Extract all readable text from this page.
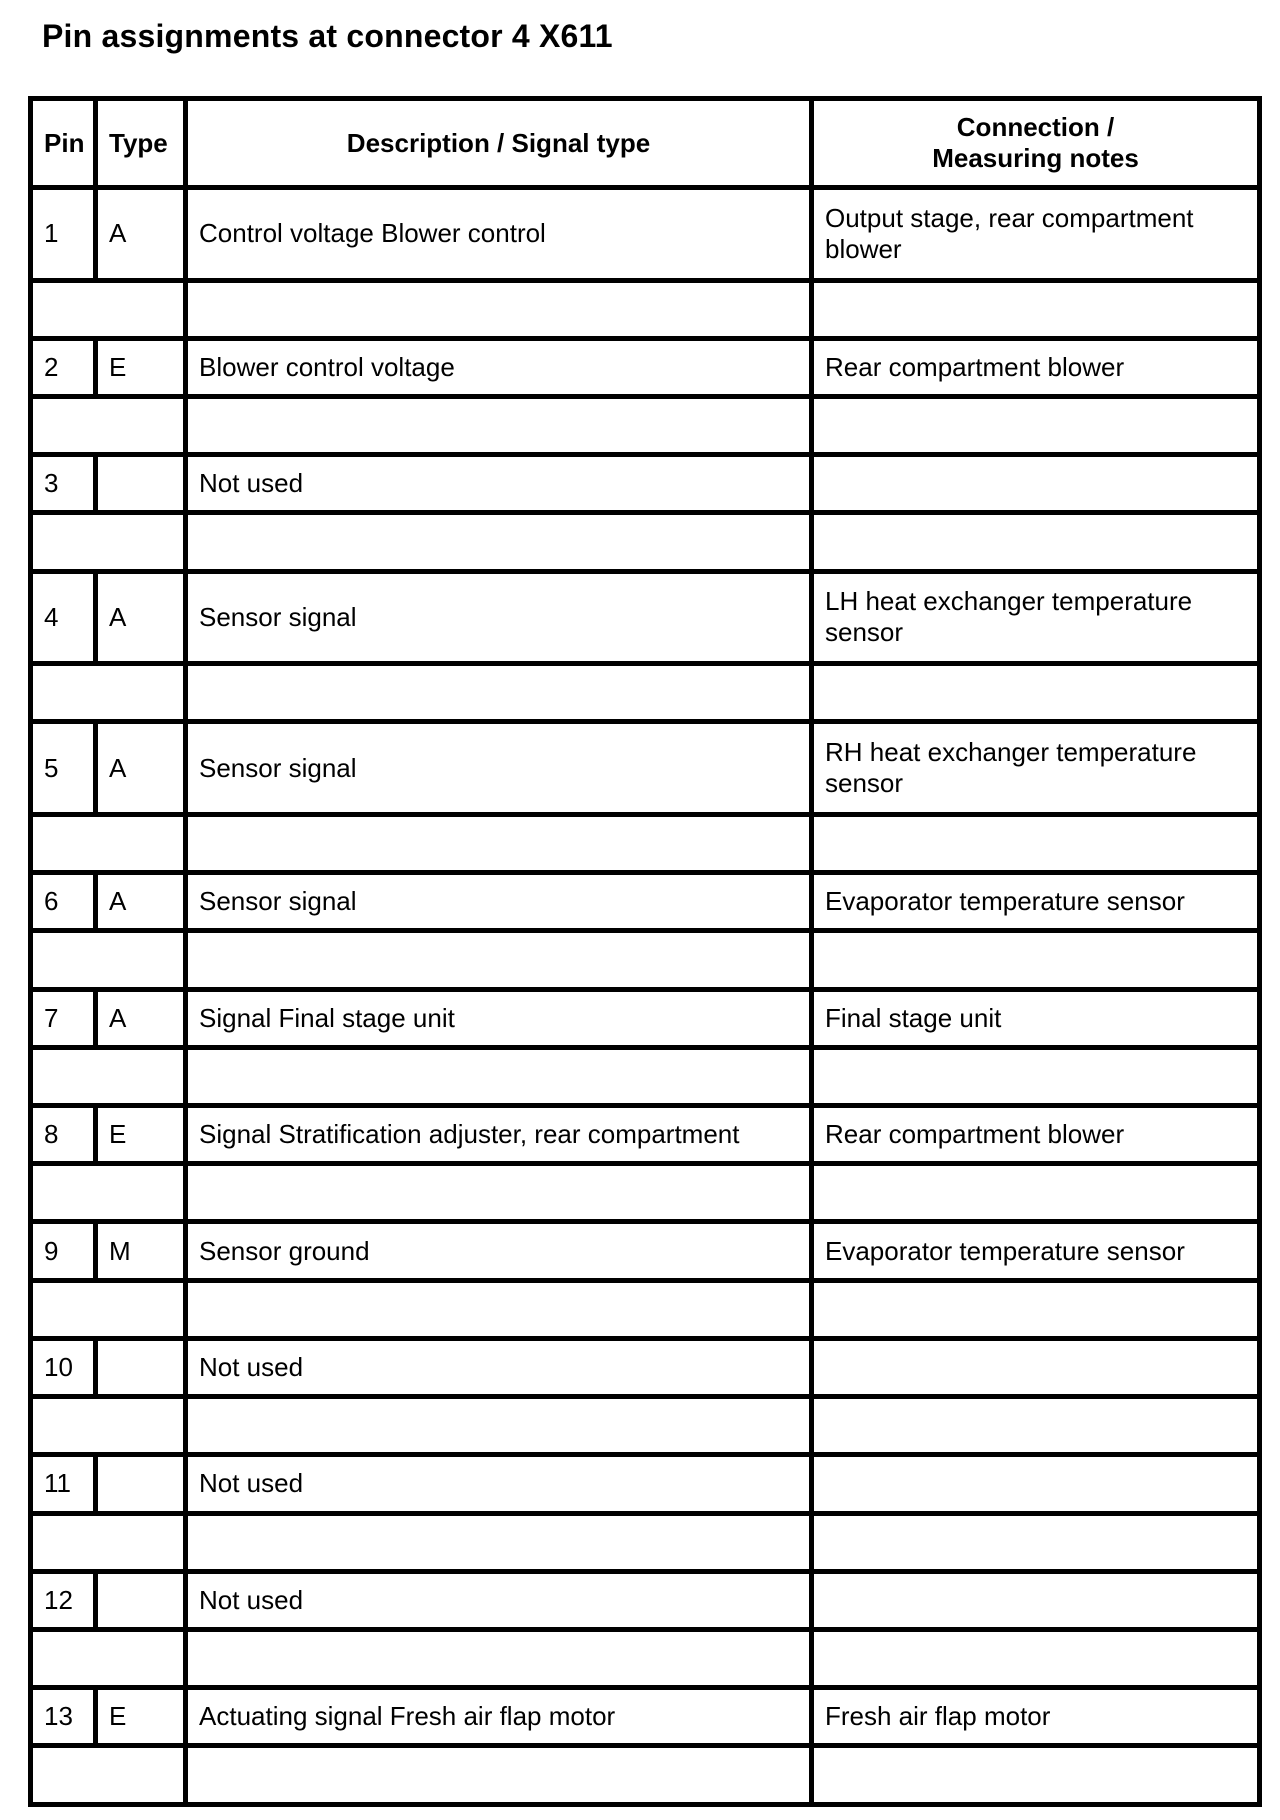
Pin assignments at connector 4 X611
Pin	Type	Description / Signal type	Connection /
Measuring notes

1	A	Control voltage Blower control	Output stage, rear compartment
blower

2	E	Blower control voltage	Rear compartment blower

3		Not used	

4	A	Sensor signal	LH heat exchanger temperature
sensor

5	A	Sensor signal	RH heat exchanger temperature
sensor

6	A	Sensor signal	Evaporator temperature sensor

7	A	Signal Final stage unit	Final stage unit

8	E	Signal Stratification adjuster, rear compartment	Rear compartment blower

9	M	Sensor ground	Evaporator temperature sensor

10		Not used	

11		Not used	

12		Not used	

13	E	Actuating signal Fresh air flap motor	Fresh air flap motor
